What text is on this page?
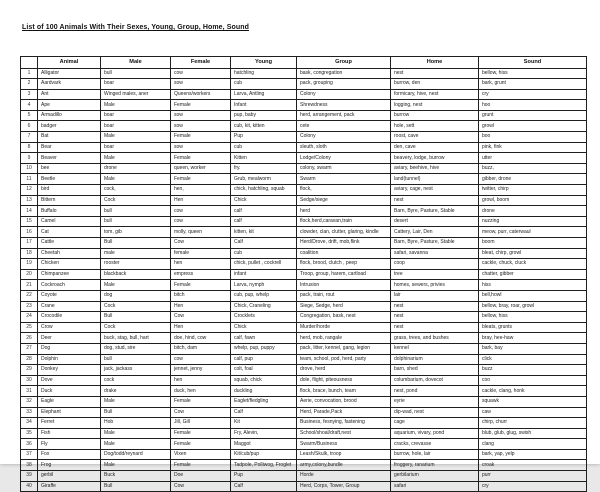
List of 100 Animals With Their Sexes, Young, Group, Home, Sound
	Animal	Male	Female	Young	Group	Home	Sound
1	Alligator	bull	cow	hatchling	bask, congregation	nest	bellow, hiss
2	Aardvark	boar	sow	cub	pack, grouping	burrow, den	bark, grunt
3	Ant	Winged males, aner	Queens/workers	Larva, Antling	Colony	formicary, hive, nest	cry
4	Ape	Male	Female	Infant	Shrewdness	logging, nest	hoo
5	Armadillo	boar	sow	pup, baby	herd, arrangement, pack	burrow	grunt
6	badger	boar	sow	cub, kit, kitten	cete	hole, sett	growl
7	Bat	Male	Female	Pup	Colony	roost, cave	boo
8	Bear	boar	sow	cub	sleuth, sloth	den, cave	pink, fink
9	Beaver	Male	Female	Kitten	Lodge/Colony	beavery, lodge, burrow	utter
10	bee	drone	queen, worker	fry.	colony, swarm	aviary, beehive, hive	buzz,
11	Beetle	Male	Female	Grub, mealworm	Swarm	land(tunnel)	gibber, drone
12	bird	cock,	hen,	chick, hatchling, squab	flock,	aviary, cage, nest	twitter, chirp
13	Bittern	Cock	Hen	Chick	Sedge/siege	nest	growl, boom
14	Buffalo	bull	cow	calf	herd	Barn, Byre, Pasture, Stable	drone
15	Camel	bull	cow	calf	flock,herd,caravan,train	desert	nuzzing
16	Cat	tom, gib	molly, queen	kitten, kit	clowder, clan, clutter, glaring, kindle	Cattery, Lair, Den	meow, purr, caterwaul
17	Cattle	Bull	Cow	Calf	Herd/Drove, drift, mob,flink	Barn, Byre, Pasture, Stable	boom
18	Cheetah	male	female	cub	coalition	safari, savanna	bleat, chirp, growl
19	Chicken	rooster	hen	chick, pullet , cockrell	flock, brood, clutch , peep	coop	cackle, chuck, cluck
20	Chimpanzee	blackback	empress	infant	Troop, group, harem, cartload	tree	chatter, gibber
21	Cockroach	Male	Female	Larva, nymph	Intrusion	homes, sewers, privies	hiss
22	Coyote	dog	bitch	cub, pup, whelp	pack, train, rout	lair	bell,howl
23	Crane	Cock	Hen	Chick, Craneling	Siege, Sedge, herd	nest	bellow, bray, roar, growl
24	Crocodile	Bull	Cow	Crocklets	Congregation, bask, nest	nest	bellow, hiss
25	Crow	Cock	Hen	Chick	Murder/horde	nest	bleats, grunts
26	Deer	buck, stag, bull, hart	doe, hind, cow	calf, fawn	herd, mob, rangale	grass, trees, and bushes	bray, hee-haw
27	Dog	dog, stud, sire	bitch, dam	whelp, pup, puppy	pack, litter, kennel, gang, legion	kennel	bark, bay
28	Dolphin	bull	cow	calf, pup	team, school, pod, herd, party	dolphinarium	click
29	Donkey	jack, jackass	jennet, jenny	colt, foal	drove, herd	barn, shed	buzz
30	Dove	cock	hen	squab, chick	dole, flight, piteousness	columbarium, dovecot	coo
31	Duck	drake	duck, hen	duckling	flock, brace, bunch, team	nest, pond	cackle, clang, honk
32	Eagle	Male	Female	Eaglet/fledgling	Aerie, convocation, brood	eyrie	squawk
33	Elephant	Bull	Cow	Calf	Herd, Parade,Pack	dip-wad, nest	caw
34	Ferret	Hob	Jill, Gill	Kit	Business, fesnying, fastening	cage	chirp, churr
35	Fish	Male	Female	Fry, Alevin,	School/shoal/draft,nest	aquarium, vivary, pond	blub, glub, glug, swish
36	Fly	Male	Female	Maggot	Swarm/Business	cracks, crevasse	clang
37	Fox	Dog/todd/reynard	Vixen	Kit/cub/pup	Leash/Skulk, troop	burrow, hole, lair	bark, yap, yelp
38	Frog	Male	Female	Tadpole, Polliwog, Froglet	army,colony,bundle	froggery, ranarium	croak
39	gerbil	Buck	Doe	Pup	Horde	gerbilarium	purr
40	Giraffe	Bull	Cow	Calf	Herd, Corps, Tower, Group	safari	cry
